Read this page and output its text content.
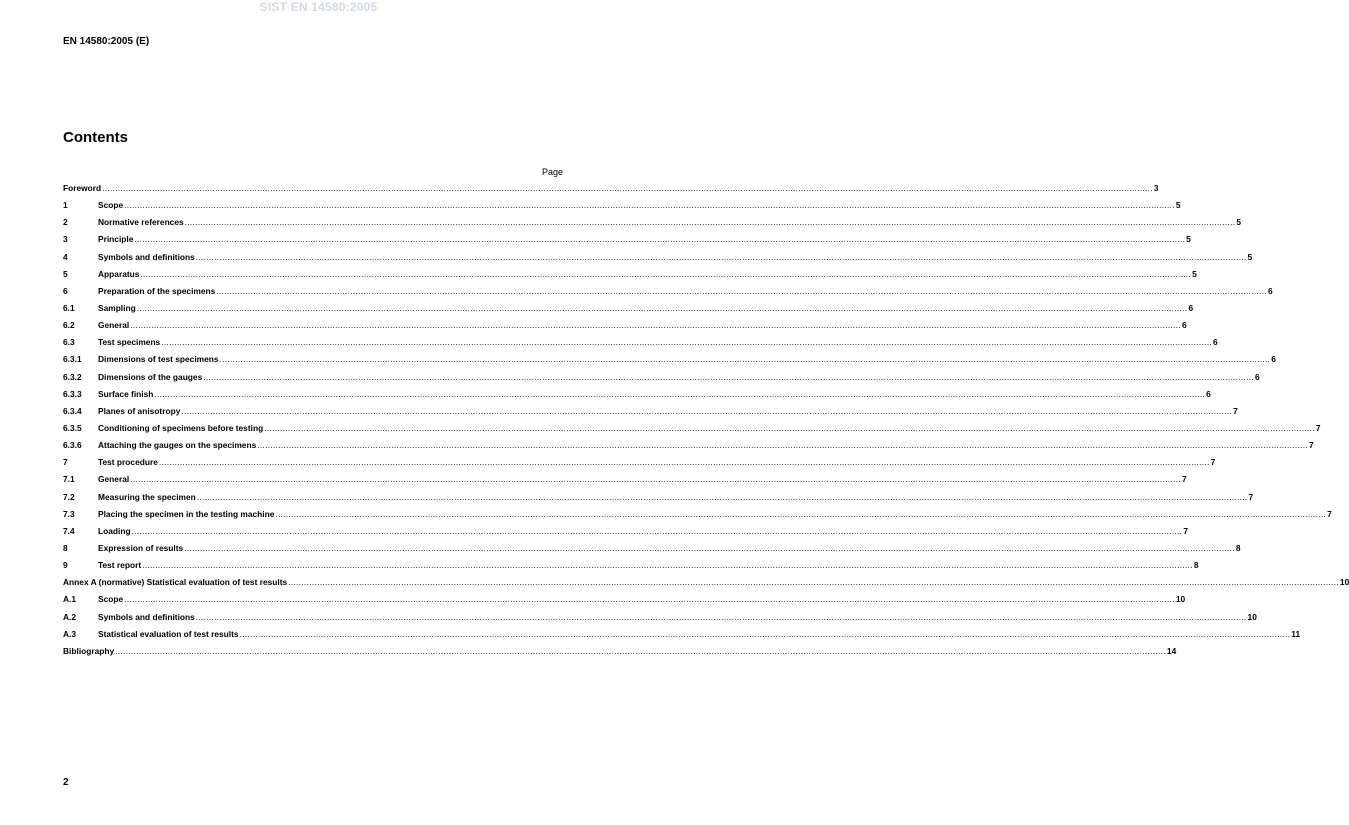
SIST EN 14580:2005
EN 14580:2005 (E)
Contents
Page
Foreword ................................................................................................................................................................................................................................................................................................................................................................................................................ 3
1	Scope ................................................................................................................................................................................................................................................................................................................................................................................................................ 5
2	Normative references ................................................................................................................................................................................................................................................................................................................................................................................................................ 5
3	Principle ................................................................................................................................................................................................................................................................................................................................................................................................................ 5
4	Symbols and definitions ................................................................................................................................................................................................................................................................................................................................................................................................................ 5
5	Apparatus ................................................................................................................................................................................................................................................................................................................................................................................................................ 5
6	Preparation of the specimens ................................................................................................................................................................................................................................................................................................................................................................................................................ 6
6.1	Sampling ................................................................................................................................................................................................................................................................................................................................................................................................................ 6
6.2	General ................................................................................................................................................................................................................................................................................................................................................................................................................ 6
6.3	Test specimens ................................................................................................................................................................................................................................................................................................................................................................................................................ 6
6.3.1	Dimensions of test specimens ................................................................................................................................................................................................................................................................................................................................................................................................................ 6
6.3.2	Dimensions of the gauges ................................................................................................................................................................................................................................................................................................................................................................................................................ 6
6.3.3	Surface finish ................................................................................................................................................................................................................................................................................................................................................................................................................ 6
6.3.4	Planes of anisotropy ................................................................................................................................................................................................................................................................................................................................................................................................................ 7
6.3.5	Conditioning of specimens before testing ................................................................................................................................................................................................................................................................................................................................................................................................................ 7
6.3.6	Attaching the gauges on the specimens ................................................................................................................................................................................................................................................................................................................................................................................................................ 7
7	Test procedure ................................................................................................................................................................................................................................................................................................................................................................................................................ 7
7.1	General ................................................................................................................................................................................................................................................................................................................................................................................................................ 7
7.2	Measuring the specimen ................................................................................................................................................................................................................................................................................................................................................................................................................ 7
7.3	Placing the specimen in the testing machine ................................................................................................................................................................................................................................................................................................................................................................................................................ 7
7.4	Loading ................................................................................................................................................................................................................................................................................................................................................................................................................ 7
8	Expression of results ................................................................................................................................................................................................................................................................................................................................................................................................................ 8
9	Test report ................................................................................................................................................................................................................................................................................................................................................................................................................ 8
Annex A (normative) Statistical evaluation of test results ................................................................................................................................................................................................................................................................................................................................................................................................................ 10
A.1	Scope ................................................................................................................................................................................................................................................................................................................................................................................................................ 10
A.2	Symbols and definitions ................................................................................................................................................................................................................................................................................................................................................................................................................ 10
A.3	Statistical evaluation of test results ................................................................................................................................................................................................................................................................................................................................................................................................................ 11
Bibliography ................................................................................................................................................................................................................................................................................................................................................................................................................ 14
2
